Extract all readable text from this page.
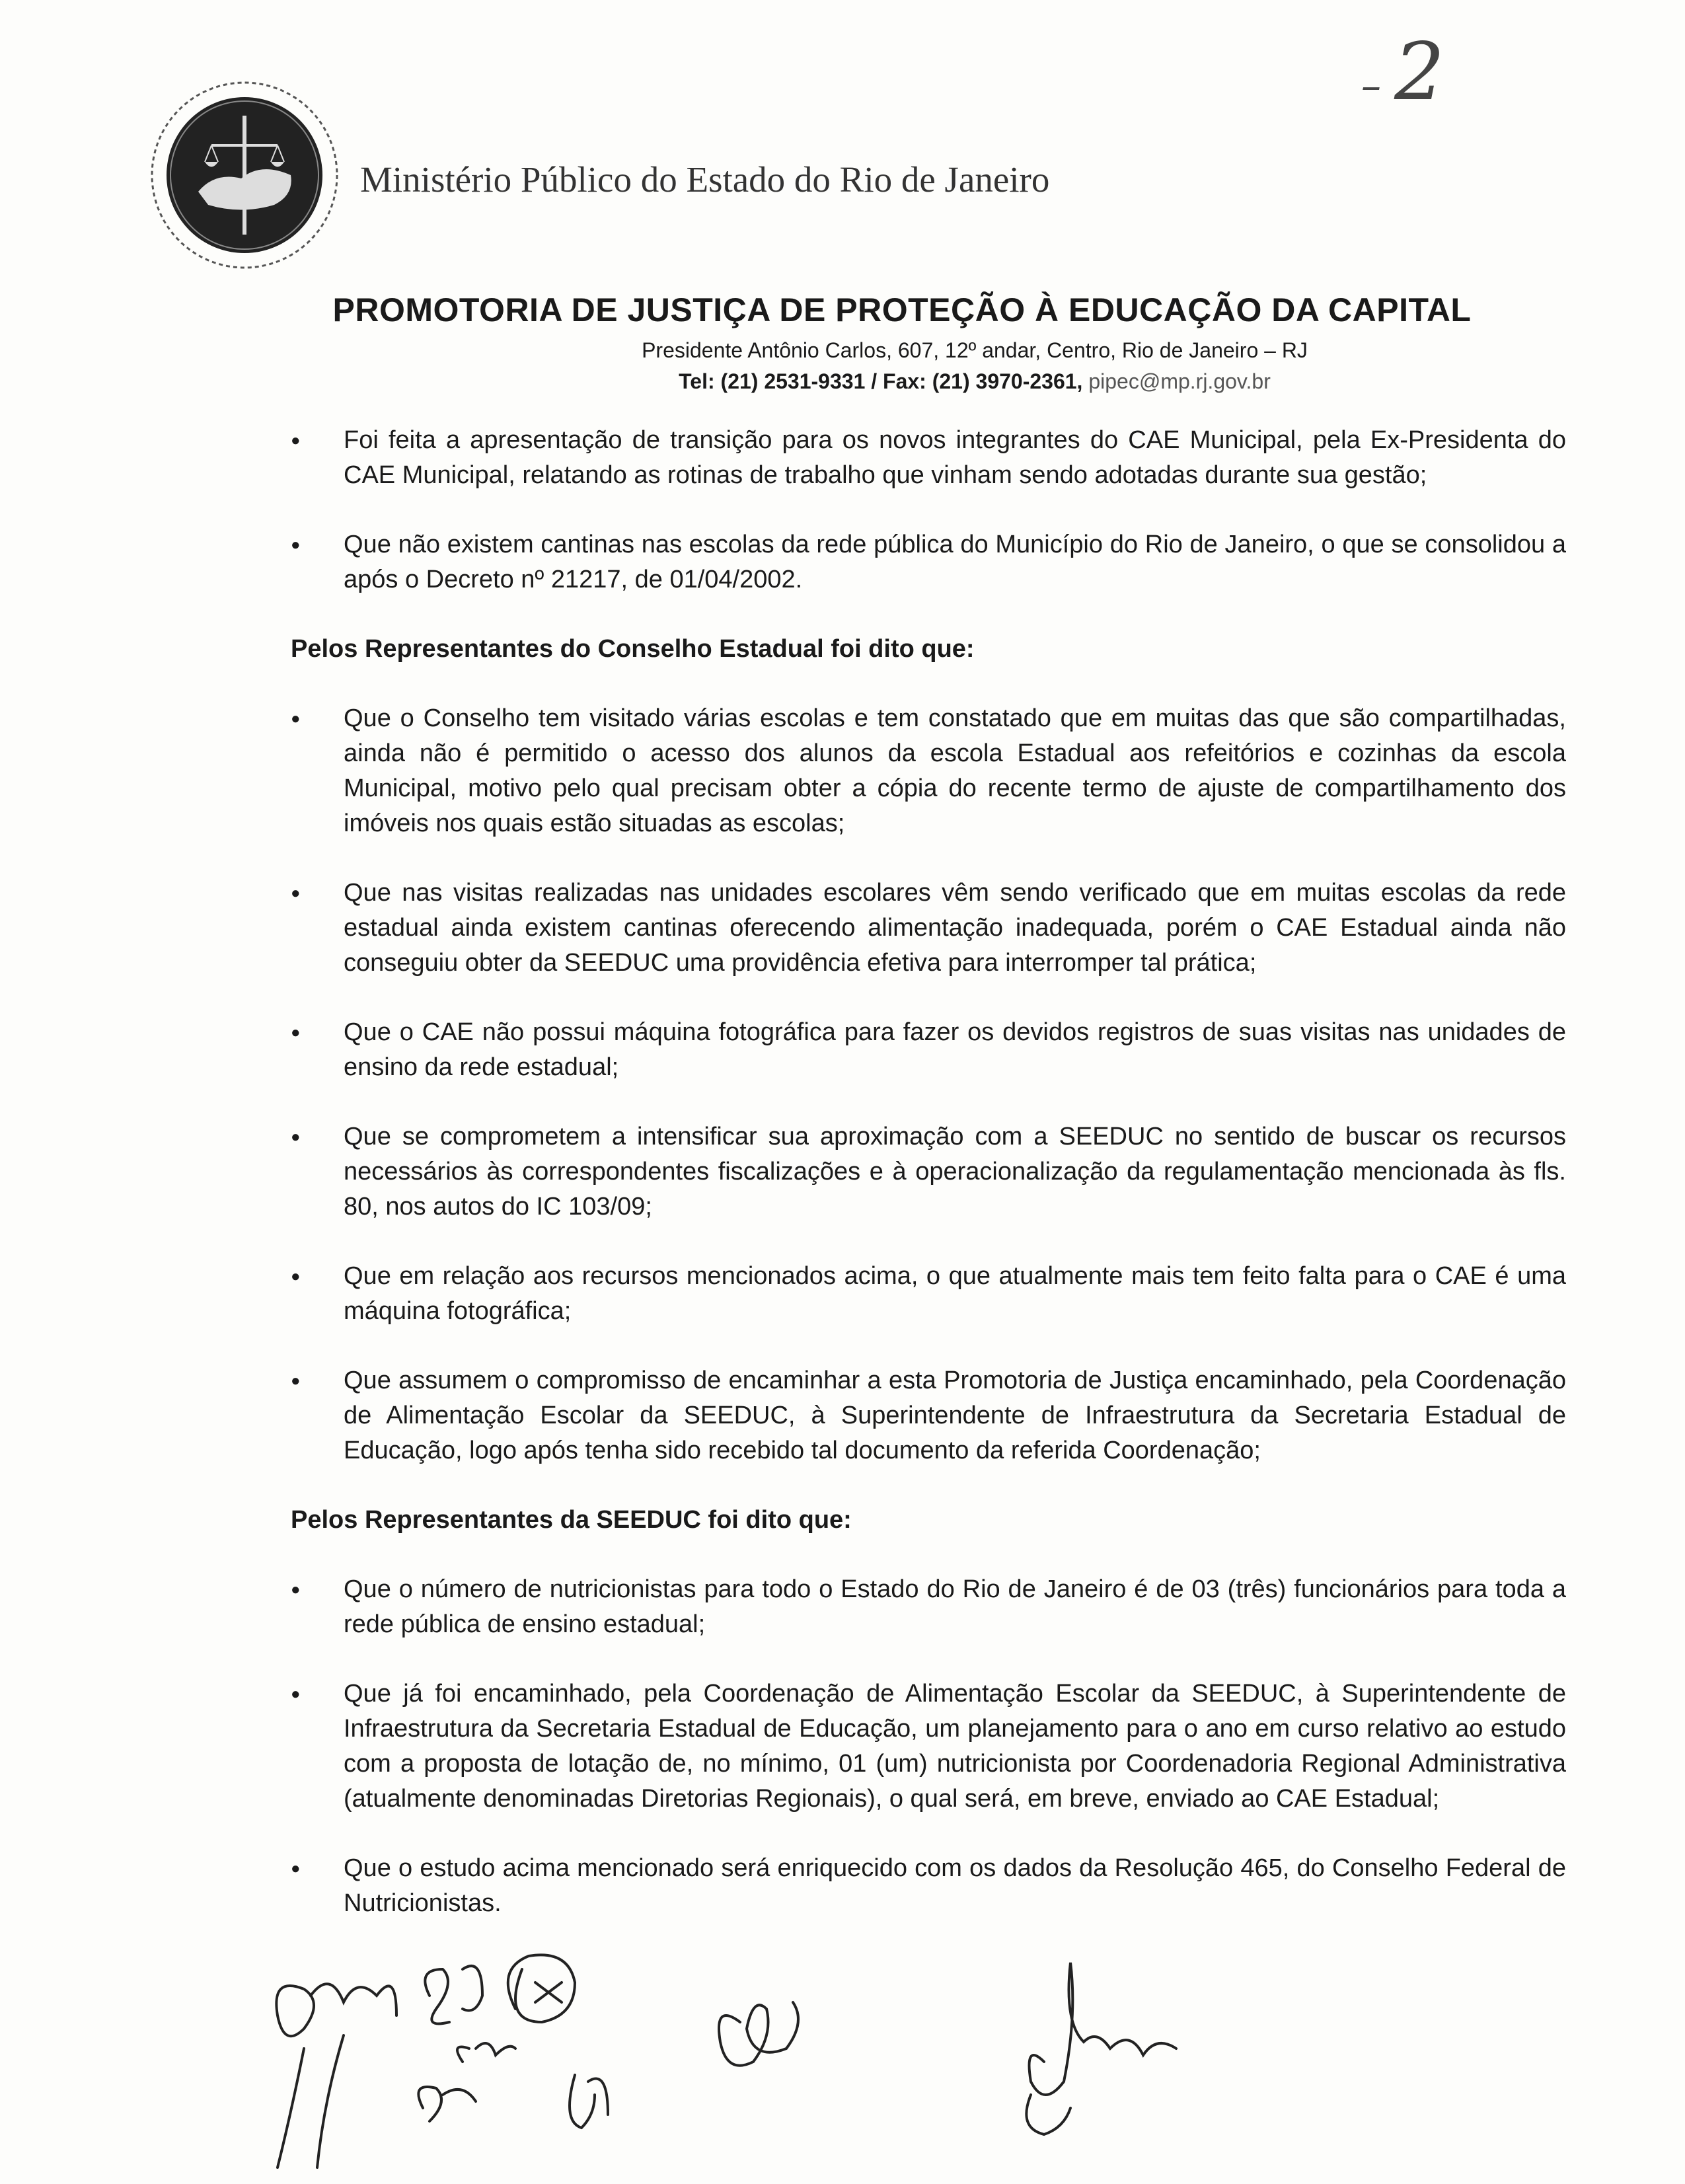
– 2
Ministério Público do Estado do Rio de Janeiro
PROMOTORIA DE JUSTIÇA DE PROTEÇÃO À EDUCAÇÃO DA CAPITAL
Presidente Antônio Carlos, 607, 12º andar, Centro, Rio de Janeiro – RJ
Tel: (21) 2531-9331 / Fax: (21) 3970-2361, pipec@mp.rj.gov.br
● Foi feita a apresentação de transição para os novos integrantes do CAE Municipal, pela Ex-Presidenta do CAE Municipal, relatando as rotinas de trabalho que vinham sendo adotadas durante sua gestão;
● Que não existem cantinas nas escolas da rede pública do Município do Rio de Janeiro, o que se consolidou a após o Decreto nº 21217, de 01/04/2002.

Pelos Representantes do Conselho Estadual foi dito que:

● Que o Conselho tem visitado várias escolas e tem constatado que em muitas das que são compartilhadas, ainda não é permitido o acesso dos alunos da escola Estadual aos refeitórios e cozinhas da escola Municipal, motivo pelo qual precisam obter a cópia do recente termo de ajuste de compartilhamento dos imóveis nos quais estão situadas as escolas;
● Que nas visitas realizadas nas unidades escolares vêm sendo verificado que em muitas escolas da rede estadual ainda existem cantinas oferecendo alimentação inadequada, porém o CAE Estadual ainda não conseguiu obter da SEEDUC uma providência efetiva para interromper tal prática;
● Que o CAE não possui máquina fotográfica para fazer os devidos registros de suas visitas nas unidades de ensino da rede estadual;
● Que se comprometem a intensificar sua aproximação com a SEEDUC no sentido de buscar os recursos necessários às correspondentes fiscalizações e à operacionalização da regulamentação mencionada às fls. 80, nos autos do IC 103/09;
● Que em relação aos recursos mencionados acima, o que atualmente mais tem feito falta para o CAE é uma máquina fotográfica;
● Que assumem o compromisso de encaminhar a esta Promotoria de Justiça encaminhado, pela Coordenação de Alimentação Escolar da SEEDUC, à Superintendente de Infraestrutura da Secretaria Estadual de Educação, logo após tenha sido recebido tal documento da referida Coordenação;

Pelos Representantes da SEEDUC foi dito que:

● Que o número de nutricionistas para todo o Estado do Rio de Janeiro é de 03 (três) funcionários para toda a rede pública de ensino estadual;
● Que já foi encaminhado, pela Coordenação de Alimentação Escolar da SEEDUC, à Superintendente de Infraestrutura da Secretaria Estadual de Educação, um planejamento para o ano em curso relativo ao estudo com a proposta de lotação de, no mínimo, 01 (um) nutricionista por Coordenadoria Regional Administrativa (atualmente denominadas Diretorias Regionais), o qual será, em breve, enviado ao CAE Estadual;
● Que o estudo acima mencionado será enriquecido com os dados da Resolução 465, do Conselho Federal de Nutricionistas.
